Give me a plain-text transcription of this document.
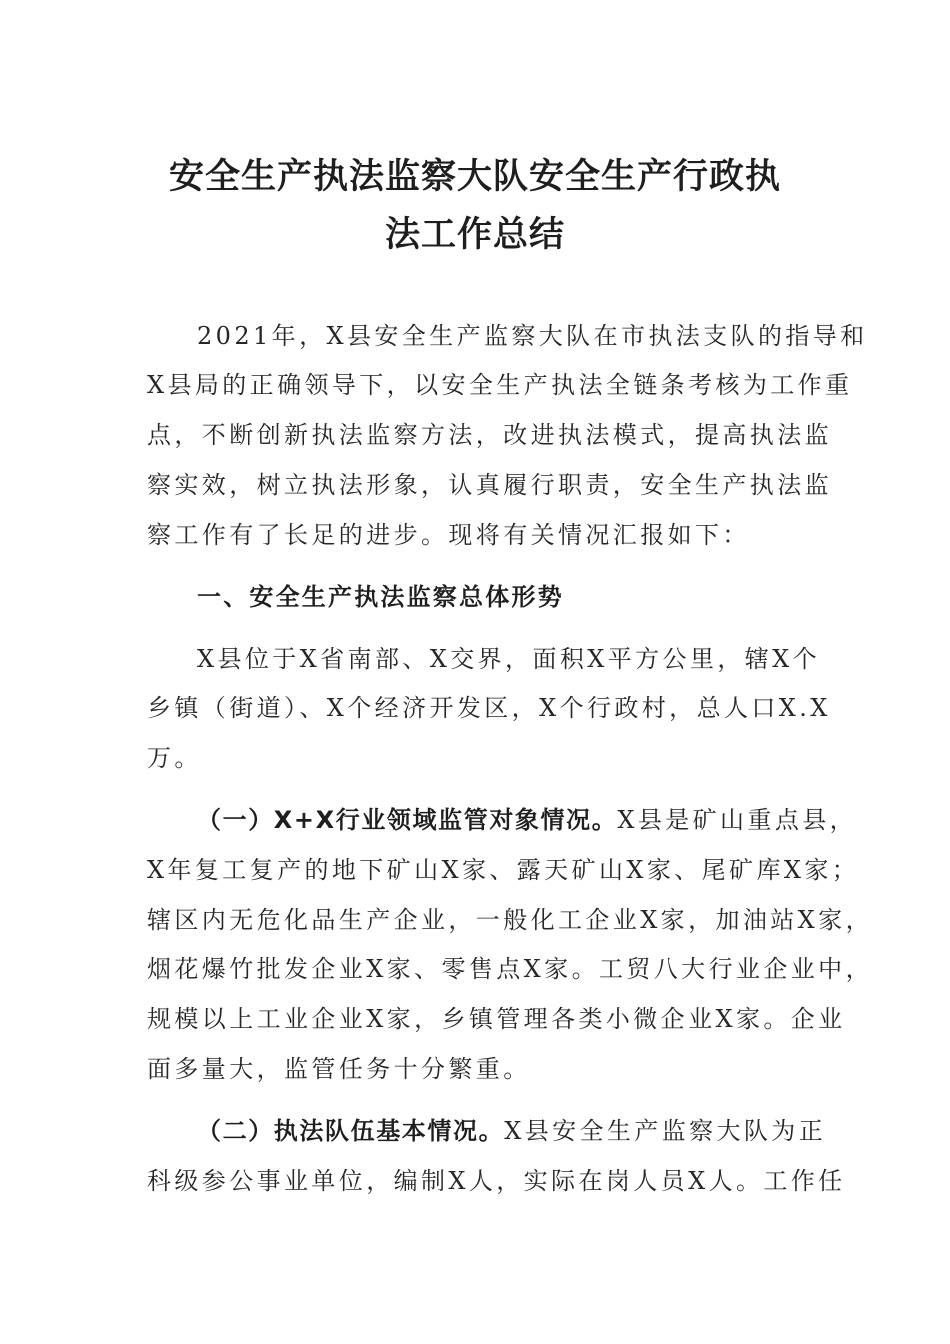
安全生产执法监察大队安全生产行政执
法工作总结
2021年，X县安全生产监察大队在市执法支队的指导和
X县局的正确领导下，以安全生产执法全链条考核为工作重
点，不断创新执法监察方法，改进执法模式，提高执法监
察实效，树立执法形象，认真履行职责，安全生产执法监
察工作有了长足的进步。现将有关情况汇报如下：
一、安全生产执法监察总体形势
X县位于X省南部、X交界，面积X平方公里，辖X个
乡镇（街道）、X个经济开发区，X个行政村，总人口X.X
万。
（一）X+X行业领域监管对象情况。X县是矿山重点县，
X年复工复产的地下矿山X家、露天矿山X家、尾矿库X家；
辖区内无危化品生产企业，一般化工企业X家，加油站X家，
烟花爆竹批发企业X家、零售点X家。工贸八大行业企业中，
规模以上工业企业X家，乡镇管理各类小微企业X家。企业
面多量大，监管任务十分繁重。
（二）执法队伍基本情况。X县安全生产监察大队为正
科级参公事业单位，编制X人，实际在岗人员X人。工作任
